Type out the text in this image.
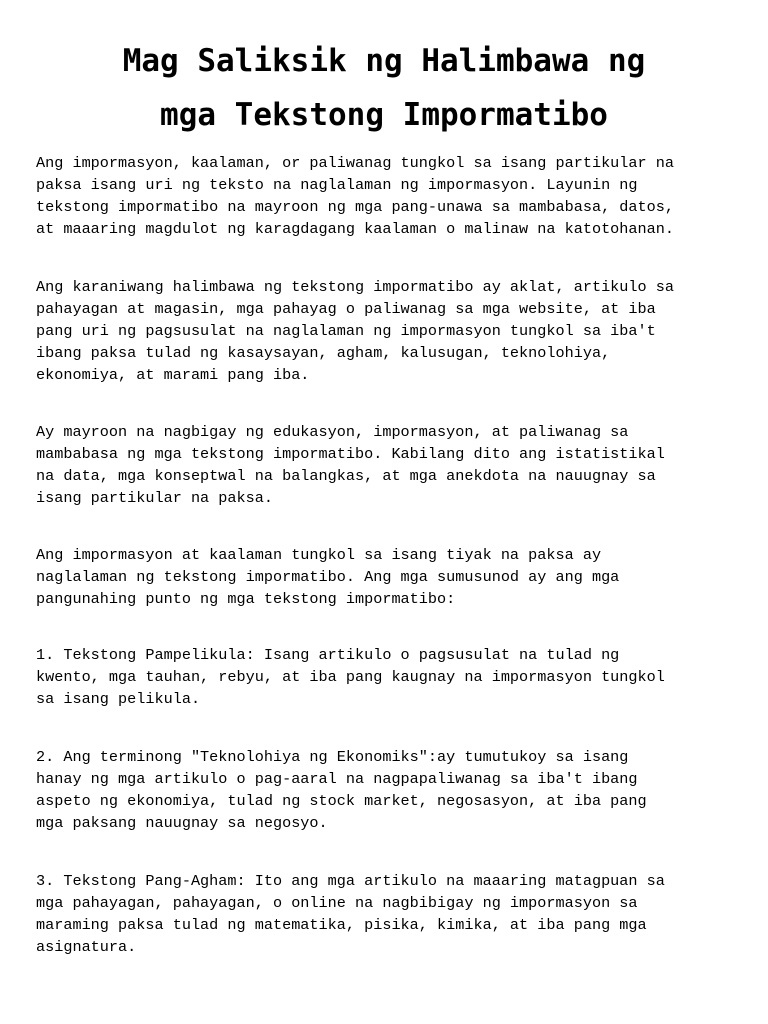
Mag Saliksik ng Halimbawa ng
mga Tekstong Impormatibo

Ang impormasyon, kaalaman, or paliwanag tungkol sa isang partikular na
paksa isang uri ng teksto na naglalaman ng impormasyon. Layunin ng
tekstong impormatibo na mayroon ng mga pang-unawa sa mambabasa, datos,
at maaaring magdulot ng karagdagang kaalaman o malinaw na katotohanan.

Ang karaniwang halimbawa ng tekstong impormatibo ay aklat, artikulo sa
pahayagan at magasin, mga pahayag o paliwanag sa mga website, at iba
pang uri ng pagsusulat na naglalaman ng impormasyon tungkol sa iba't
ibang paksa tulad ng kasaysayan, agham, kalusugan, teknolohiya,
ekonomiya, at marami pang iba.

Ay mayroon na nagbigay ng edukasyon, impormasyon, at paliwanag sa
mambabasa ng mga tekstong impormatibo. Kabilang dito ang istatistikal
na data, mga konseptwal na balangkas, at mga anekdota na nauugnay sa
isang partikular na paksa.

Ang impormasyon at kaalaman tungkol sa isang tiyak na paksa ay
naglalaman ng tekstong impormatibo. Ang mga sumusunod ay ang mga
pangunahing punto ng mga tekstong impormatibo:

1. Tekstong Pampelikula: Isang artikulo o pagsusulat na tulad ng
kwento, mga tauhan, rebyu, at iba pang kaugnay na impormasyon tungkol
sa isang pelikula.

2. Ang terminong "Teknolohiya ng Ekonomiks":ay tumutukoy sa isang
hanay ng mga artikulo o pag-aaral na nagpapaliwanag sa iba't ibang
aspeto ng ekonomiya, tulad ng stock market, negosasyon, at iba pang
mga paksang nauugnay sa negosyo.

3. Tekstong Pang-Agham: Ito ang mga artikulo na maaaring matagpuan sa
mga pahayagan, pahayagan, o online na nagbibigay ng impormasyon sa
maraming paksa tulad ng matematika, pisika, kimika, at iba pang mga
asignatura.
